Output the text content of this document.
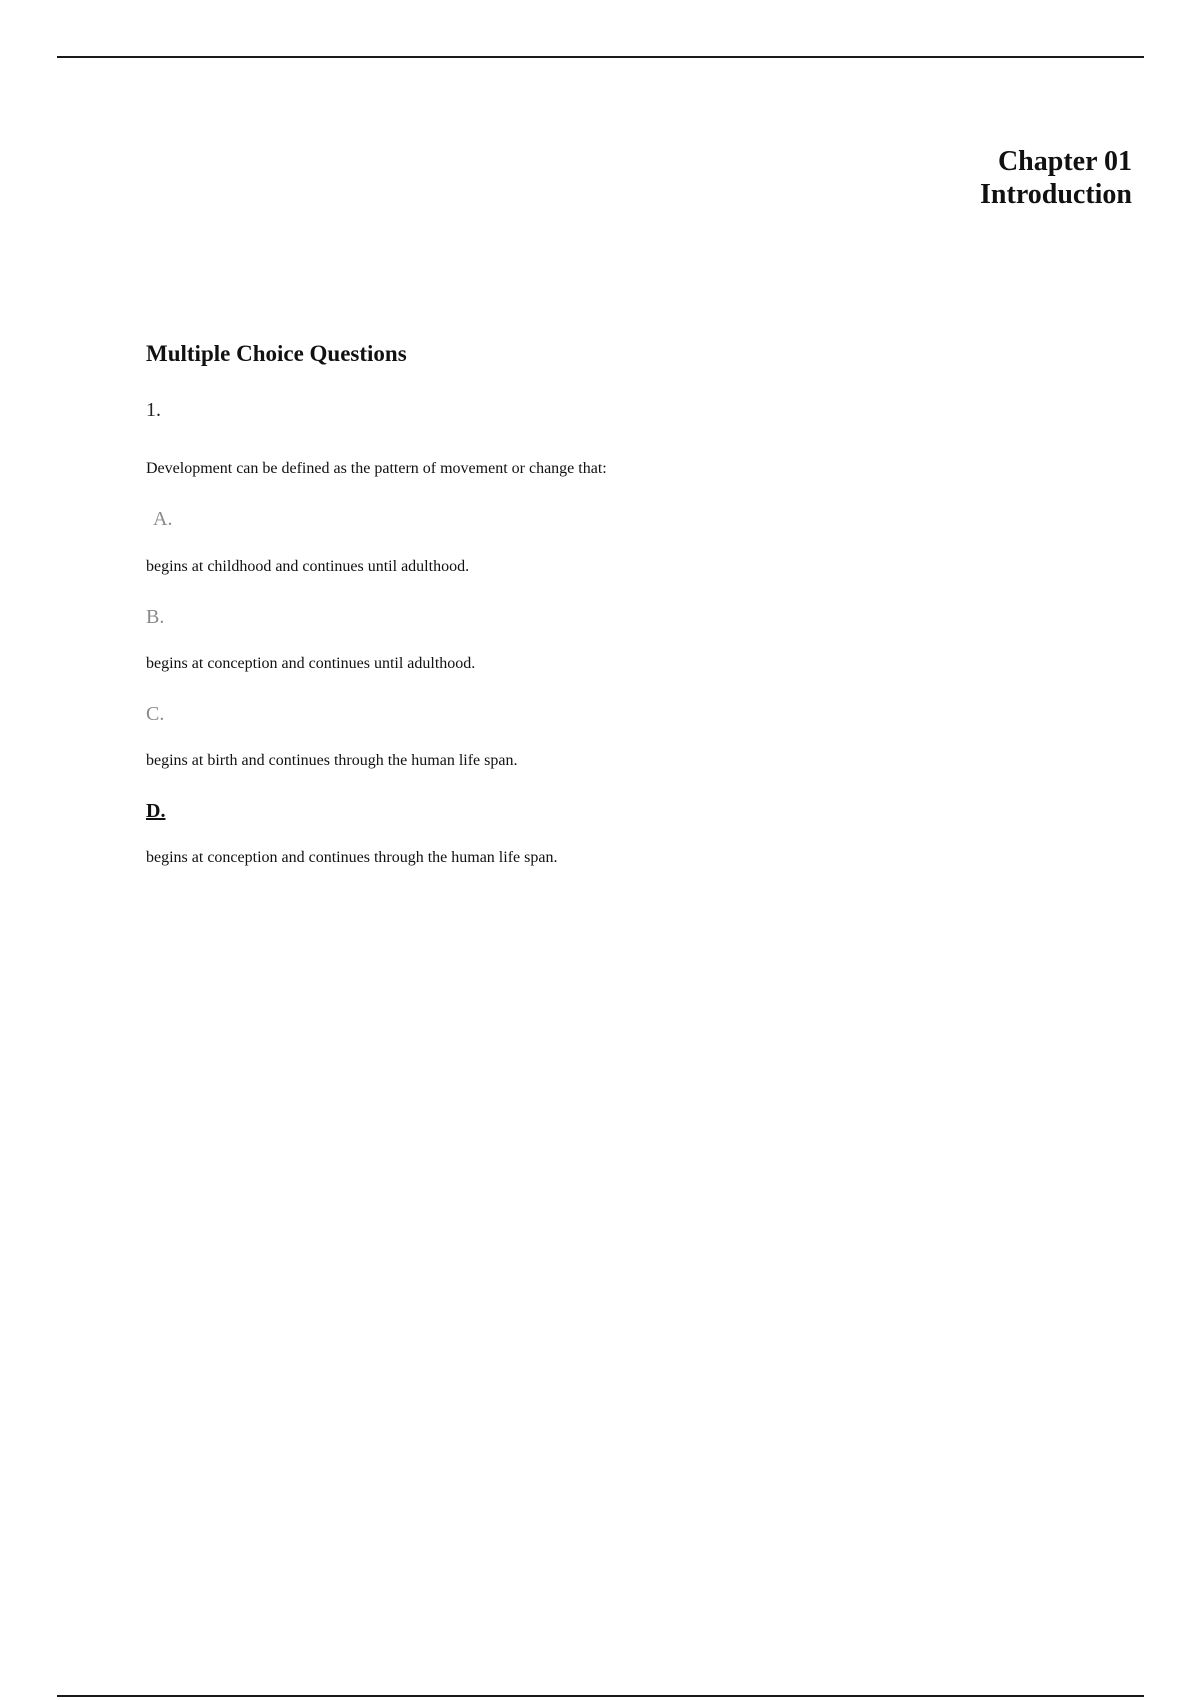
Chapter 01
Introduction
Multiple Choice Questions
1.
Development can be defined as the pattern of movement or change that:
A.
begins at childhood and continues until adulthood.
B.
begins at conception and continues until adulthood.
C.
begins at birth and continues through the human life span.
D.
begins at conception and continues through the human life span.
